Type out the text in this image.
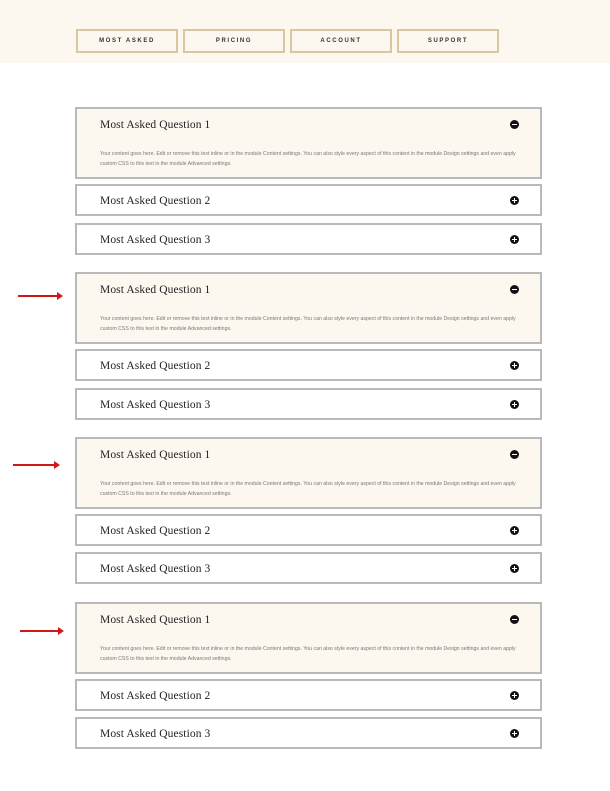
MOST ASKED	PRICING	ACCOUNT	SUPPORT
Most Asked Question 1
Your content goes here. Edit or remove this text inline or in the module Content settings. You can also style every aspect of this content in the module Design settings and even apply custom CSS to this text in the module Advanced settings.
Most Asked Question 2
Most Asked Question 3
Most Asked Question 1
Your content goes here. Edit or remove this text inline or in the module Content settings. You can also style every aspect of this content in the module Design settings and even apply custom CSS to this text in the module Advanced settings.
Most Asked Question 2
Most Asked Question 3
Most Asked Question 1
Your content goes here. Edit or remove this text inline or in the module Content settings. You can also style every aspect of this content in the module Design settings and even apply custom CSS to this text in the module Advanced settings.
Most Asked Question 2
Most Asked Question 3
Most Asked Question 1
Your content goes here. Edit or remove this text inline or in the module Content settings. You can also style every aspect of this content in the module Design settings and even apply custom CSS to this text in the module Advanced settings.
Most Asked Question 2
Most Asked Question 3
